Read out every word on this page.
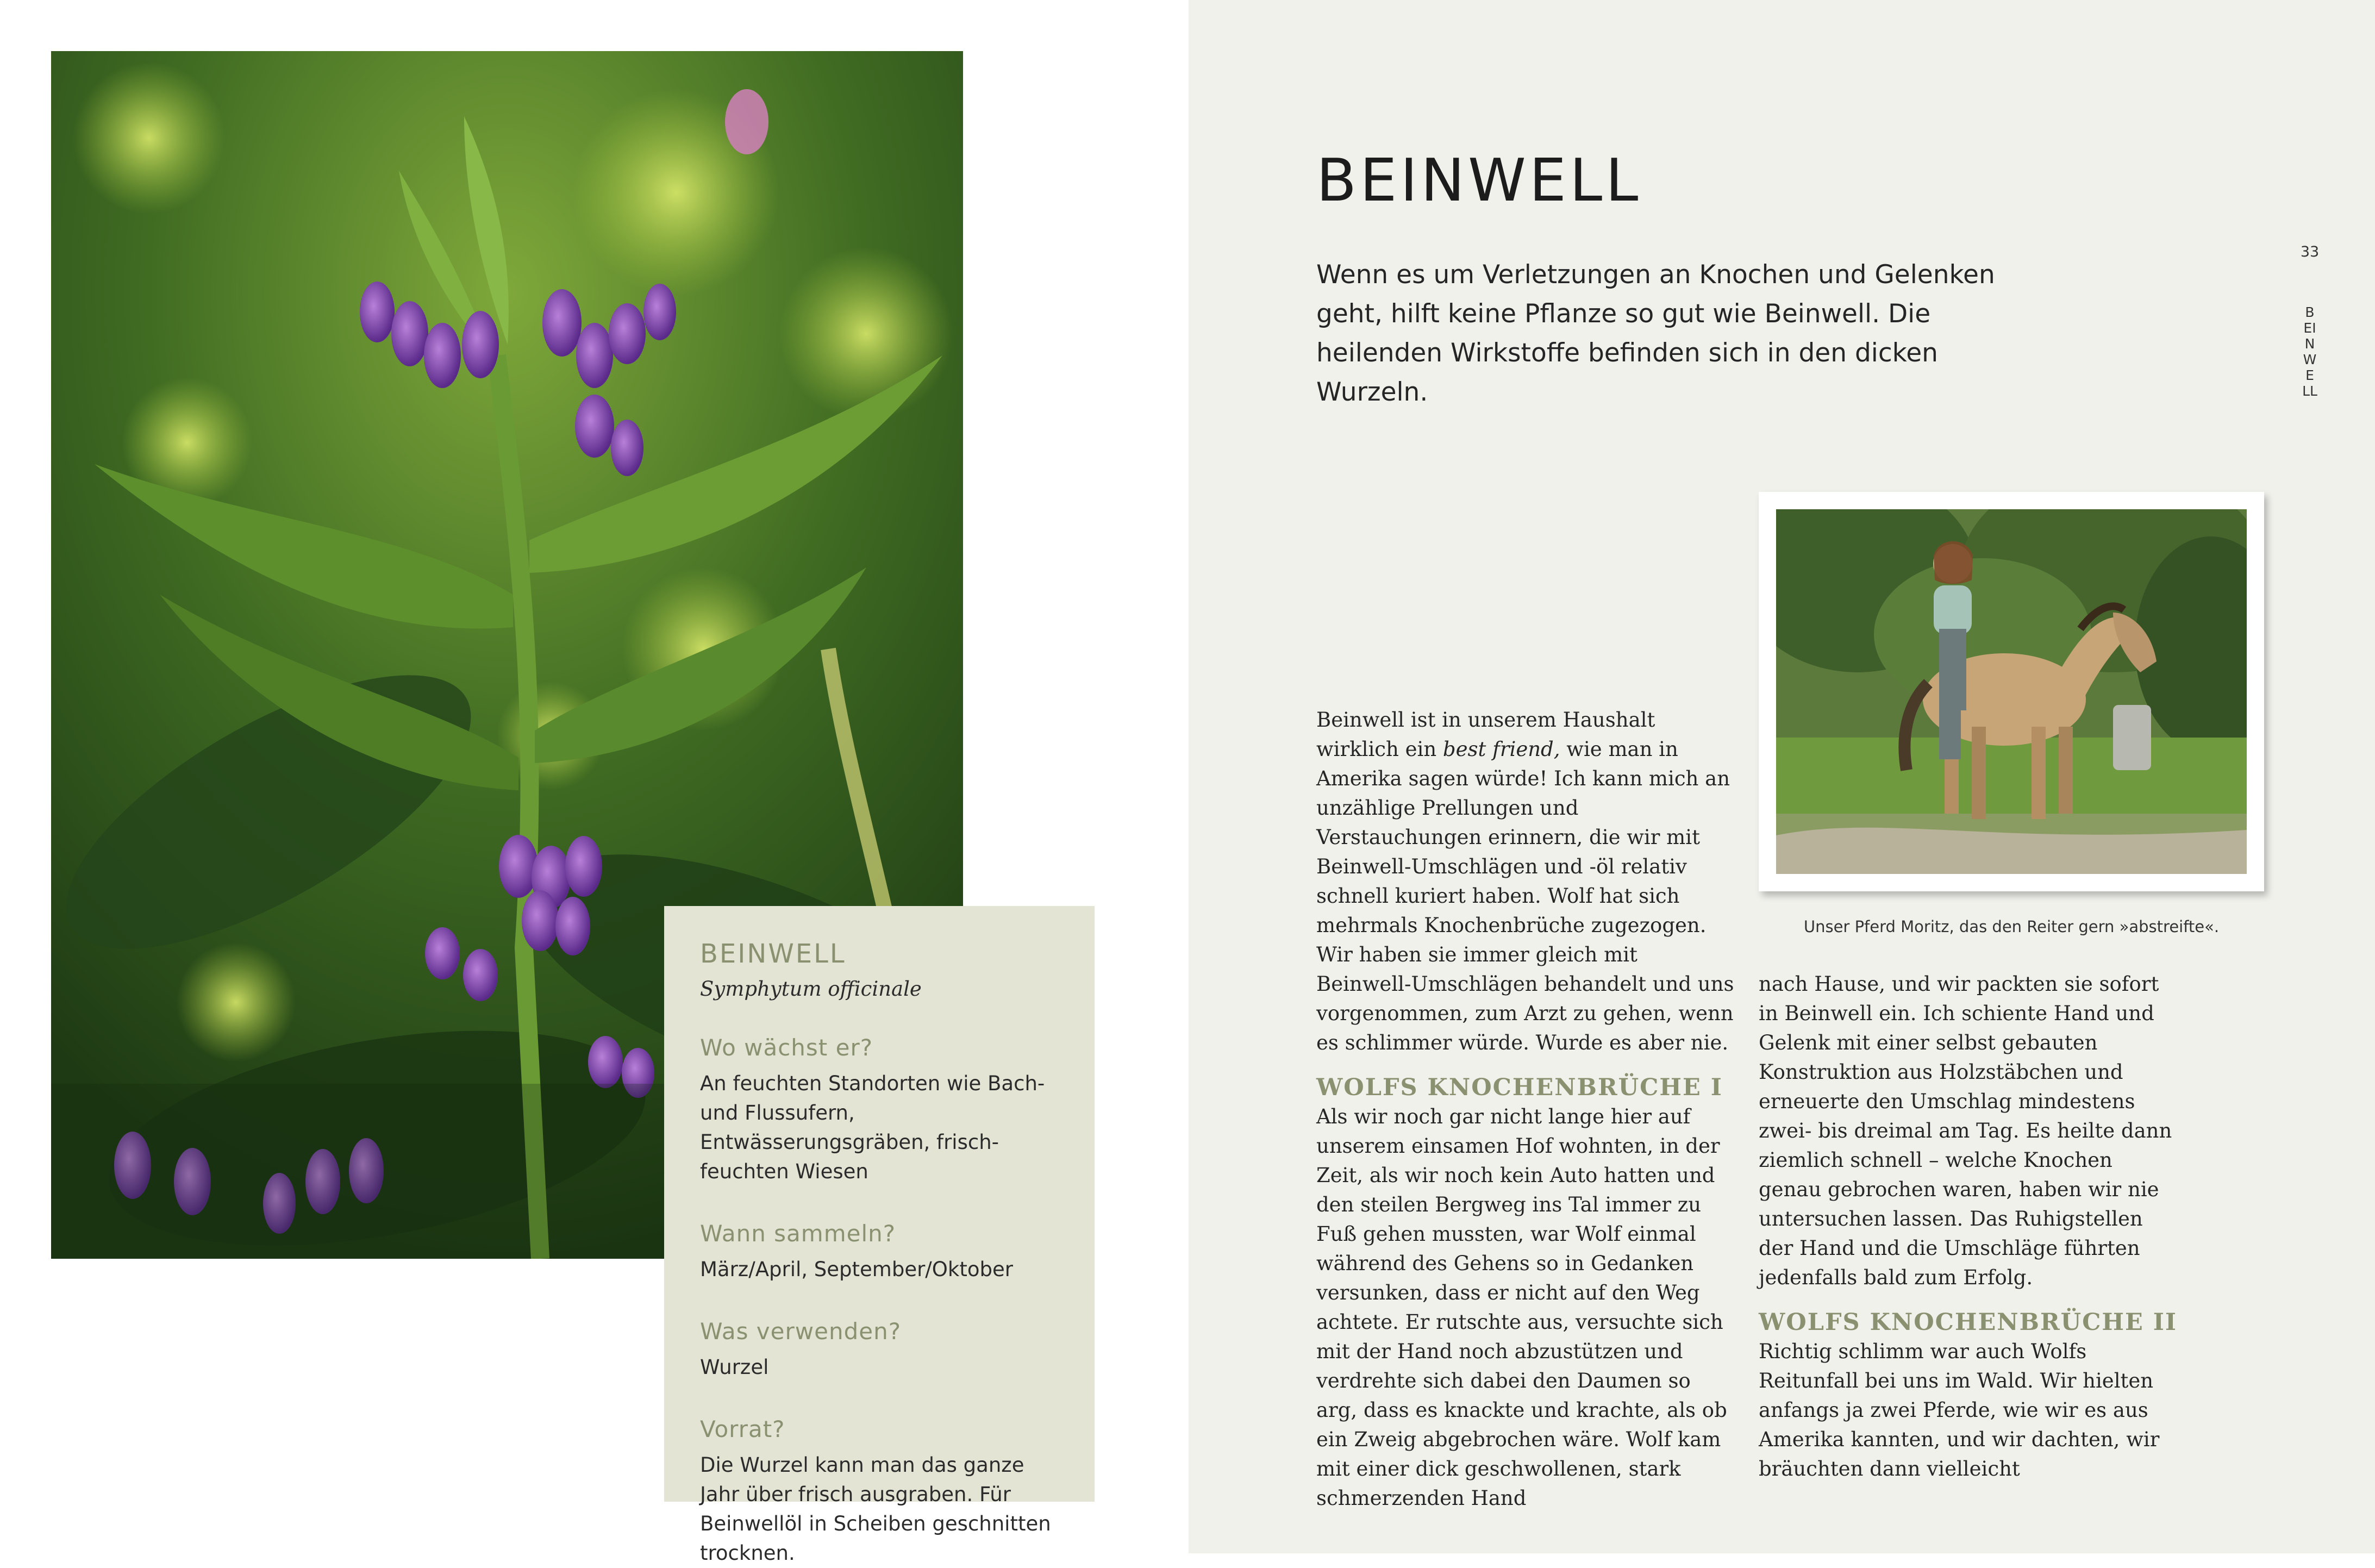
BEINWELL
Symphytum officinale
Wo wächst er?
An feuchten Standorten wie Bach- und Flussufern, Entwässerungsgräben, frisch-feuchten Wiesen
Wann sammeln?
März/April, September/Oktober
Was verwenden?
Wurzel
Vorrat?
Die Wurzel kann man das ganze Jahr über frisch ausgraben. Für Beinwellöl in Scheiben geschnitten trocknen.
BEINWELL
Wenn es um Verletzungen an Knochen und Gelenken geht, hilft keine Pflanze so gut wie Beinwell. Die heilenden Wirkstoffe befinden sich in den dicken Wurzeln.
33
BEINWELL
Unser Pferd Moritz, das den Reiter gern »abstreifte«.

Beinwell ist in unserem Haushalt wirklich ein best friend, wie man in Amerika sagen würde! Ich kann mich an unzählige Prellungen und Verstauchungen erinnern, die wir mit Beinwell-Umschlägen und -öl relativ schnell kuriert haben. Wolf hat sich mehrmals Knochenbrüche zugezogen. Wir haben sie immer gleich mit Beinwell-Umschlägen behandelt und uns vorgenommen, zum Arzt zu gehen, wenn es schlimmer würde. Wurde es aber nie.

WOLFS KNOCHENBRÜCHE I

Als wir noch gar nicht lange hier auf unserem einsamen Hof wohnten, in der Zeit, als wir noch kein Auto hatten und den steilen Bergweg ins Tal immer zu Fuß gehen mussten, war Wolf einmal während des Gehens so in Gedanken versunken, dass er nicht auf den Weg achtete. Er rutschte aus, versuchte sich mit der Hand noch abzustützen und verdrehte sich dabei den Daumen so arg, dass es knackte und krachte, als ob ein Zweig abgebrochen wäre. Wolf kam mit einer dick geschwollenen, stark schmerzenden Hand

nach Hause, und wir packten sie sofort in Beinwell ein. Ich schiente Hand und Gelenk mit einer selbst gebauten Konstruktion aus Holzstäbchen und erneuerte den Umschlag mindestens zwei- bis dreimal am Tag. Es heilte dann ziemlich schnell – welche Knochen genau gebrochen waren, haben wir nie untersuchen lassen. Das Ruhigstellen der Hand und die Umschläge führten jedenfalls bald zum Erfolg.

WOLFS KNOCHENBRÜCHE II

Richtig schlimm war auch Wolfs Reitunfall bei uns im Wald. Wir hielten anfangs ja zwei Pferde, wie wir es aus Amerika kannten, und wir dachten, wir bräuchten dann vielleicht
